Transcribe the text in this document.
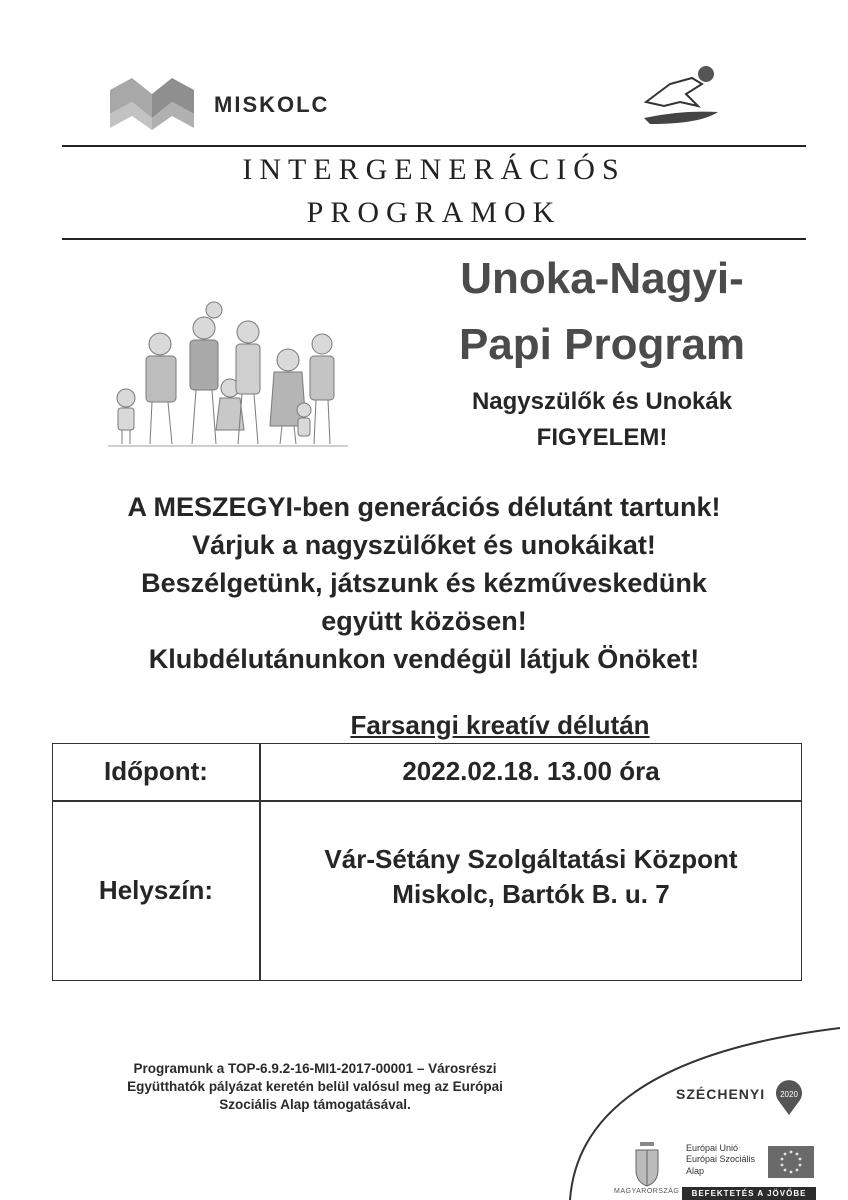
MISKOLC
INTERGENERÁCIÓS
PROGRAMOK
Unoka-Nagyi-
Papi Program
Nagyszülők és Unokák
FIGYELEM!
A MESZEGYI-ben generációs délutánt tartunk!
Várjuk a nagyszülőket és unokáikat!
Beszélgetünk, játszunk és kézműveskedünk
együtt közösen!
Klubdélutánunkon vendégül látjuk Önöket!
Farsangi kreatív délután
Időpont:	2022.02.18. 13.00 óra
Helyszín:
Vár-Sétány Szolgáltatási Központ
Miskolc, Bartók B. u. 7
Programunk a TOP-6.9.2-16-MI1-2017-00001 – Városrészi
Együtthatók pályázat keretén belül valósul meg az Európai
Szociális Alap támogatásával.
SZÉCHENYI 2020
MAGYARORSZÁG
Európai Unió
Európai Szociális
Alap
BEFEKTETÉS A JÖVŐBE
